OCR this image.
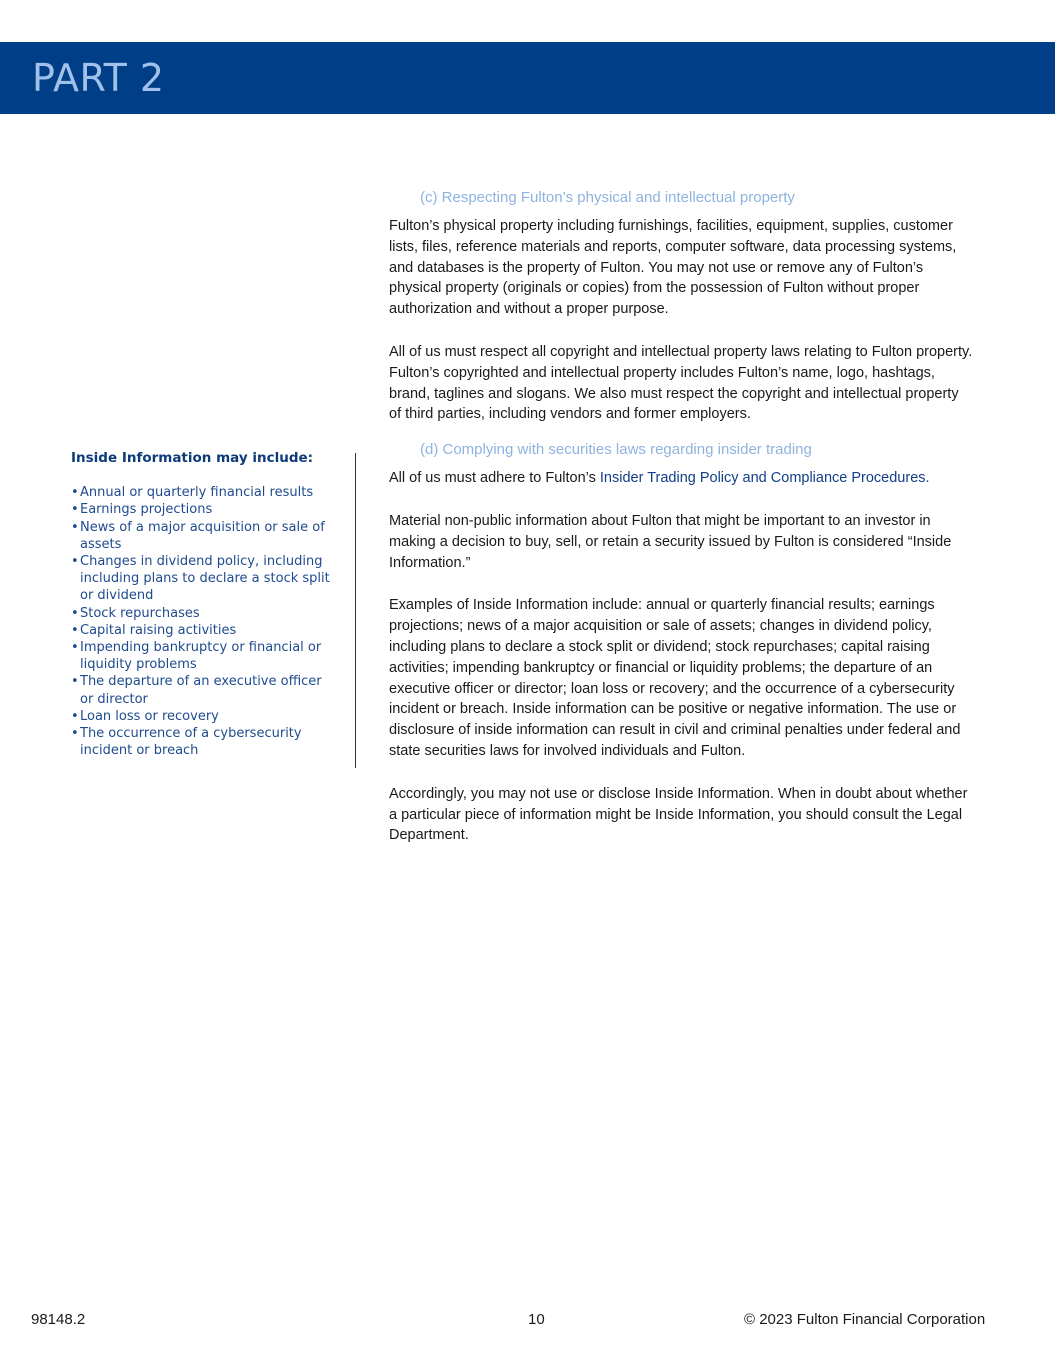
PART 2
Inside Information may include:
• Annual or quarterly financial results
• Earnings projections
• News of a major acquisition or sale of assets
• Changes in dividend policy, including including plans to declare a stock split or dividend
• Stock repurchases
• Capital raising activities
• Impending bankruptcy or financial or liquidity problems
• The departure of an executive officer or director
• Loan loss or recovery
• The occurrence of a cybersecurity incident or breach
(c) Respecting Fulton’s physical and intellectual property

Fulton’s physical property including furnishings, facilities, equipment, supplies, customer lists, files, reference materials and reports, computer software, data processing systems, and databases is the property of Fulton. You may not use or remove any of Fulton’s physical property (originals or copies) from the possession of Fulton without proper authorization and without a proper purpose.

All of us must respect all copyright and intellectual property laws relating to Fulton property. Fulton’s copyrighted and intellectual property includes Fulton’s name, logo, hashtags, brand, taglines and slogans. We also must respect the copyright and intellectual property of third parties, including vendors and former employers.

(d) Complying with securities laws regarding insider trading

All of us must adhere to Fulton’s Insider Trading Policy and Compliance Procedures.

Material non-public information about Fulton that might be important to an investor in making a decision to buy, sell, or retain a security issued by Fulton is considered “Inside Information.”

Examples of Inside Information include: annual or quarterly financial results; earnings projections; news of a major acquisition or sale of assets; changes in dividend policy, including plans to declare a stock split or dividend; stock repurchases; capital raising activities; impending bankruptcy or financial or liquidity problems; the departure of an executive officer or director; loan loss or recovery; and the occurrence of a cybersecurity incident or breach. Inside information can be positive or negative information. The use or disclosure of inside information can result in civil and criminal penalties under federal and state securities laws for involved individuals and Fulton.

Accordingly, you may not use or disclose Inside Information. When in doubt about whether a particular piece of information might be Inside Information, you should consult the Legal Department.

98148.2	10	© 2023 Fulton Financial Corporation
